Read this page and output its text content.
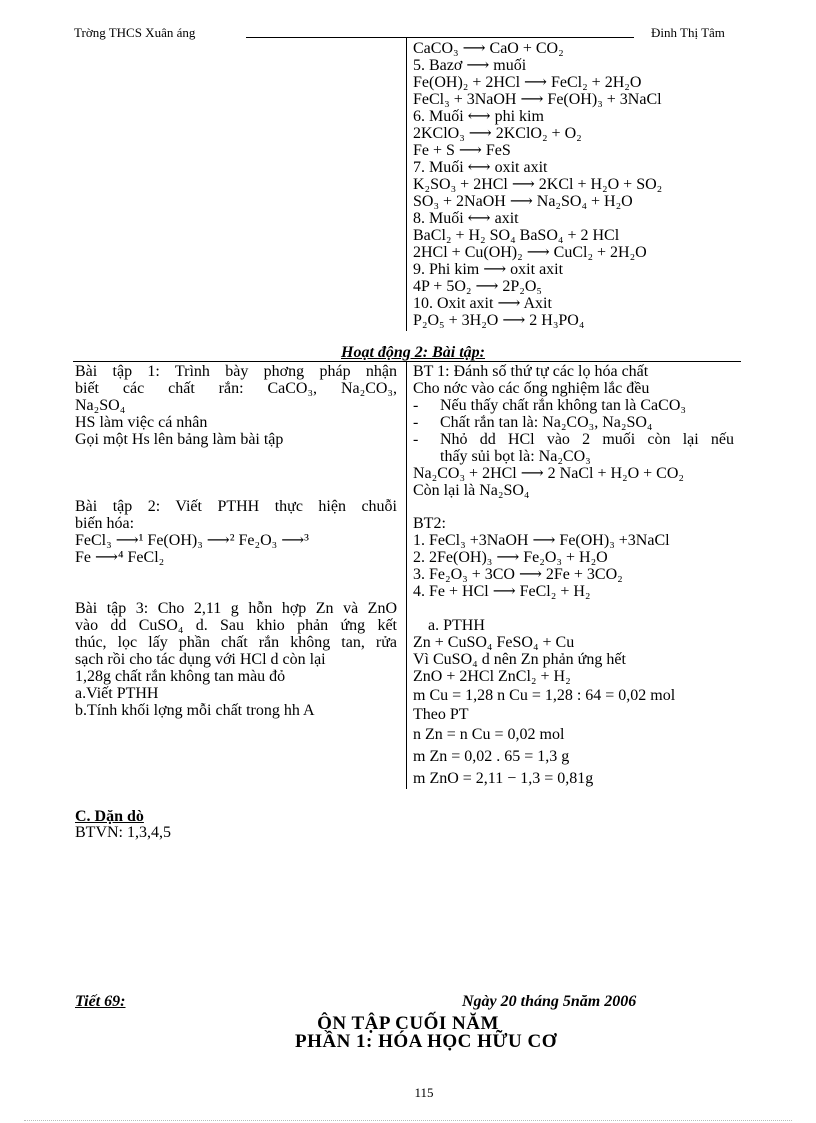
Trờng THCS Xuân áng	Đinh Thị Tâm
CaCO₃ ⟶ CaO + CO₂
5. Bazơ ⟶ muối
Fe(OH)₂ + 2HCl ⟶ FeCl₂ + 2H₂O
FeCl₃ + 3NaOH ⟶ Fe(OH)₃ + 3NaCl
6. Muối ⟷ phi kim
2KClO₃ ⟶ 2KClO₂ + O₂
Fe + S ⟶ FeS
7. Muối ⟷ oxit axit
K₂SO₃ + 2HCl ⟶ 2KCl + H₂O + SO₂
SO₃ + 2NaOH ⟶ Na₂SO₄ + H₂O
8. Muối ⟷ axit
BaCl₂ + H₂ SO₄ BaSO₄ + 2 HCl
2HCl + Cu(OH)₂ ⟶ CuCl₂ + 2H₂O
9. Phi kim ⟶ oxit axit
4P + 5O₂ ⟶ 2P₂O₅
10. Oxit axit ⟶ Axit
P₂O₅ + 3H₂O ⟶ 2 H₃PO₄
Hoạt động 2: Bài tập:
Bài tập 1: Trình bày phơng pháp nhận
biết các chất rắn: CaCO₃, Na₂CO₃,
Na₂SO₄
HS làm việc cá nhân
Gọi một Hs lên bảng làm bài tập
Bài tập 2: Viết PTHH thực hiện chuỗi
biến hóa:
FeCl₃ ⟶¹ Fe(OH)₃ ⟶² Fe₂O₃ ⟶³
Fe ⟶⁴ FeCl₂
Bài tập 3: Cho 2,11 g hỗn hợp Zn và ZnO
vào dd CuSO₄ d. Sau khio phản ứng kết
thúc, lọc lấy phần chất rắn không tan, rửa
sạch rồi cho tác dụng với HCl d còn lại
1,28g chất rắn không tan màu đỏ
a.Viết PTHH
b.Tính khối lợng mỗi chất trong hh A
BT 1: Đánh số thứ tự các lọ hóa chất
Cho nớc vào các ống nghiệm lắc đều
- Nếu thấy chất rắn không tan là CaCO₃
- Chất rắn tan là: Na₂CO₃, Na₂SO₄
- Nhỏ dd HCl vào 2 muối còn lại nếu
thấy sủi bọt là: Na₂CO₃
Na₂CO₃ + 2HCl ⟶ 2 NaCl + H₂O + CO₂
Còn lại là Na₂SO₄
BT2:
1. FeCl₃ +3NaOH ⟶ Fe(OH)₃ +3NaCl
2. 2Fe(OH)₃ ⟶ Fe₂O₃ + H₂O
3. Fe₂O₃ + 3CO ⟶ 2Fe + 3CO₂
4. Fe + HCl ⟶ FeCl₂ + H₂
a. PTHH
Zn + CuSO₄ FeSO₄ + Cu
Vì CuSO₄ d nên Zn phản ứng hết
ZnO + 2HCl ZnCl₂ + H₂
m Cu = 1,28 n Cu = 1,28 : 64 = 0,02 mol
Theo PT
n Zn = n Cu = 0,02 mol
m Zn = 0,02 . 65 = 1,3 g
m ZnO = 2,11 − 1,3 = 0,81g
C. Dặn dò
BTVN: 1,3,4,5
Tiết 69:	Ngày 20 tháng 5năm 2006
ÔN TẬP CUỐI NĂM
PHẦN 1: HÓA HỌC HỮU CƠ
115
